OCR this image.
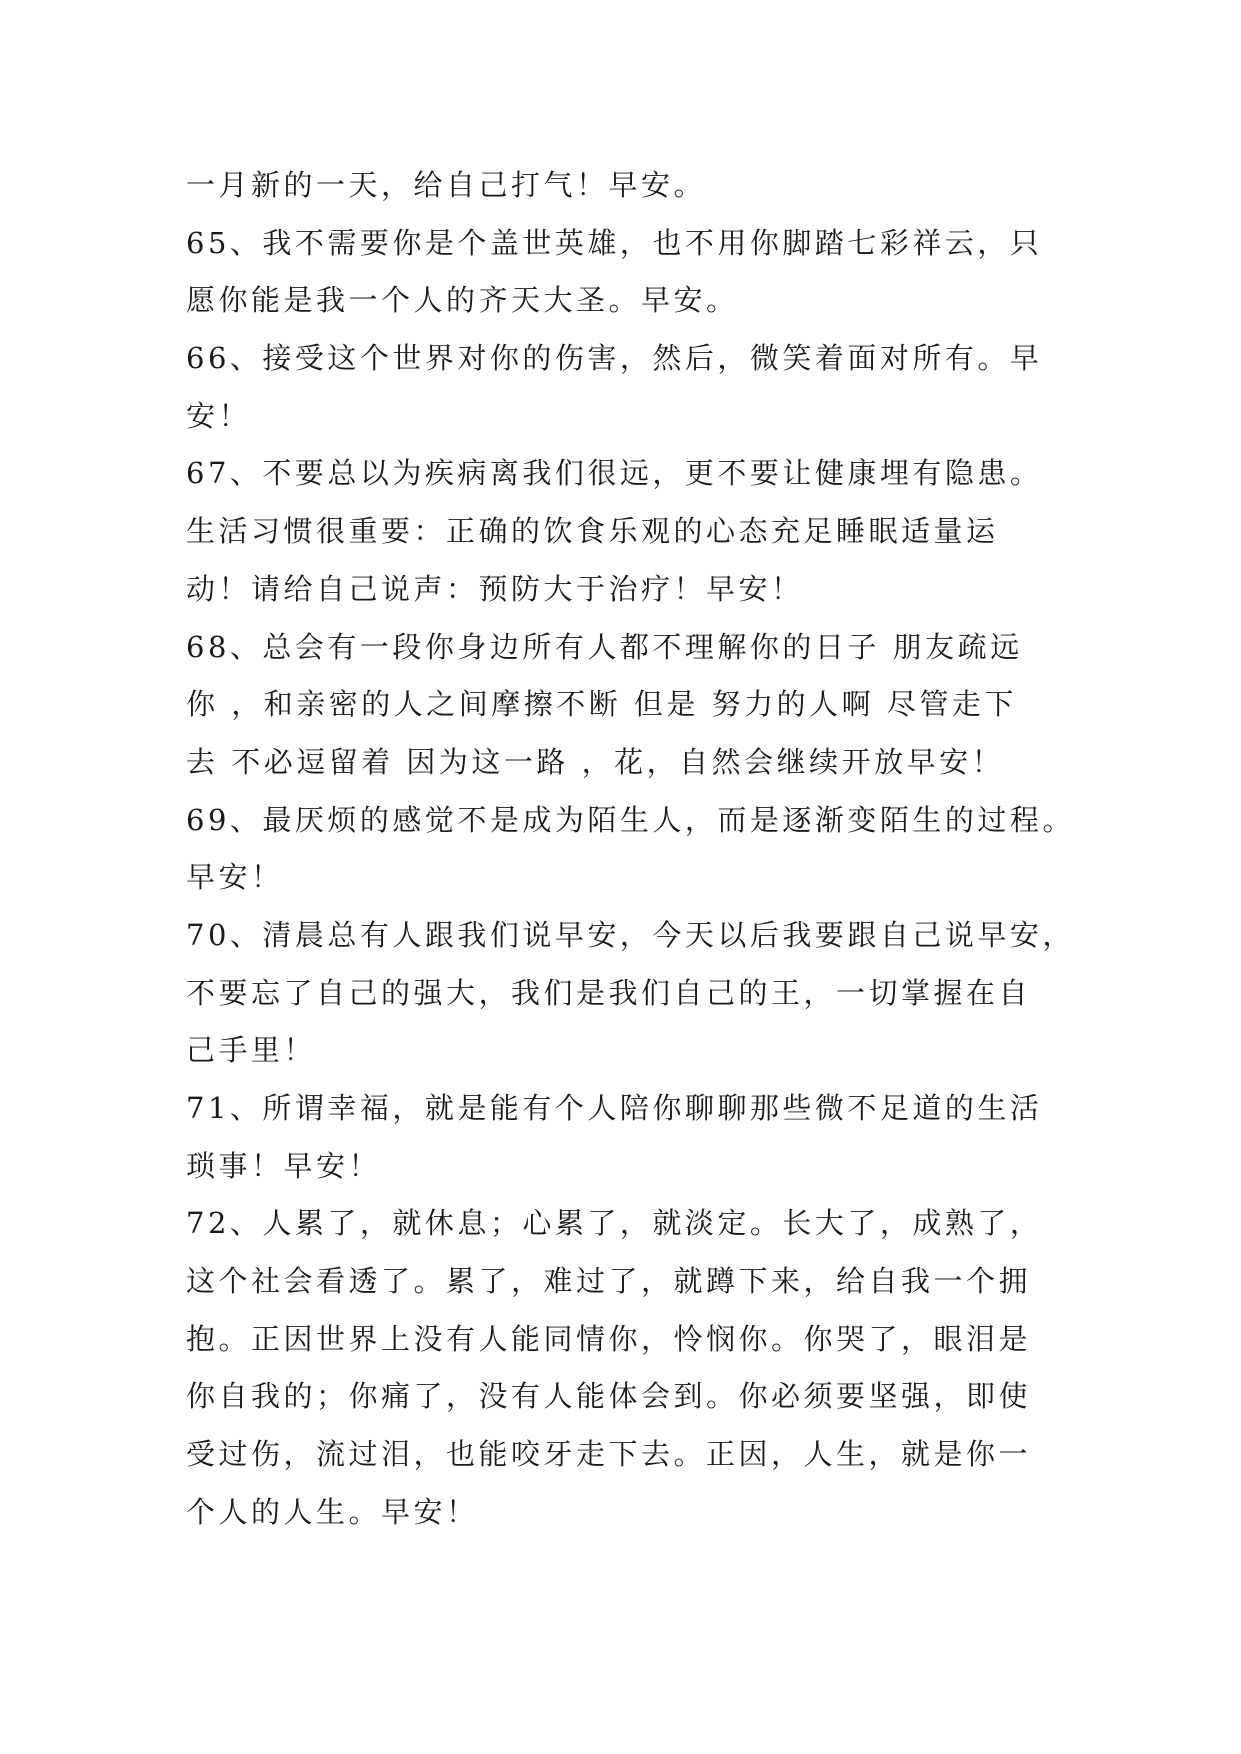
一月新的一天，给自己打气！早安。
65、我不需要你是个盖世英雄，也不用你脚踏七彩祥云，只
愿你能是我一个人的齐天大圣。早安。
66、接受这个世界对你的伤害，然后，微笑着面对所有。早
安！
67、不要总以为疾病离我们很远，更不要让健康埋有隐患。
生活习惯很重要：正确的饮食乐观的心态充足睡眠适量运
动！请给自己说声：预防大于治疗！早安！
68、总会有一段你身边所有人都不理解你的日子 朋友疏远
你 ，和亲密的人之间摩擦不断 但是 努力的人啊 尽管走下
去 不必逗留着 因为这一路 ，花，自然会继续开放早安！
69、最厌烦的感觉不是成为陌生人，而是逐渐变陌生的过程。
早安！
70、清晨总有人跟我们说早安，今天以后我要跟自己说早安，
不要忘了自己的强大，我们是我们自己的王，一切掌握在自
己手里！
71、所谓幸福，就是能有个人陪你聊聊那些微不足道的生活
琐事！早安！
72、人累了，就休息；心累了，就淡定。长大了，成熟了，
这个社会看透了。累了，难过了，就蹲下来，给自我一个拥
抱。正因世界上没有人能同情你，怜悯你。你哭了，眼泪是
你自我的；你痛了，没有人能体会到。你必须要坚强，即使
受过伤，流过泪，也能咬牙走下去。正因，人生，就是你一
个人的人生。早安！
